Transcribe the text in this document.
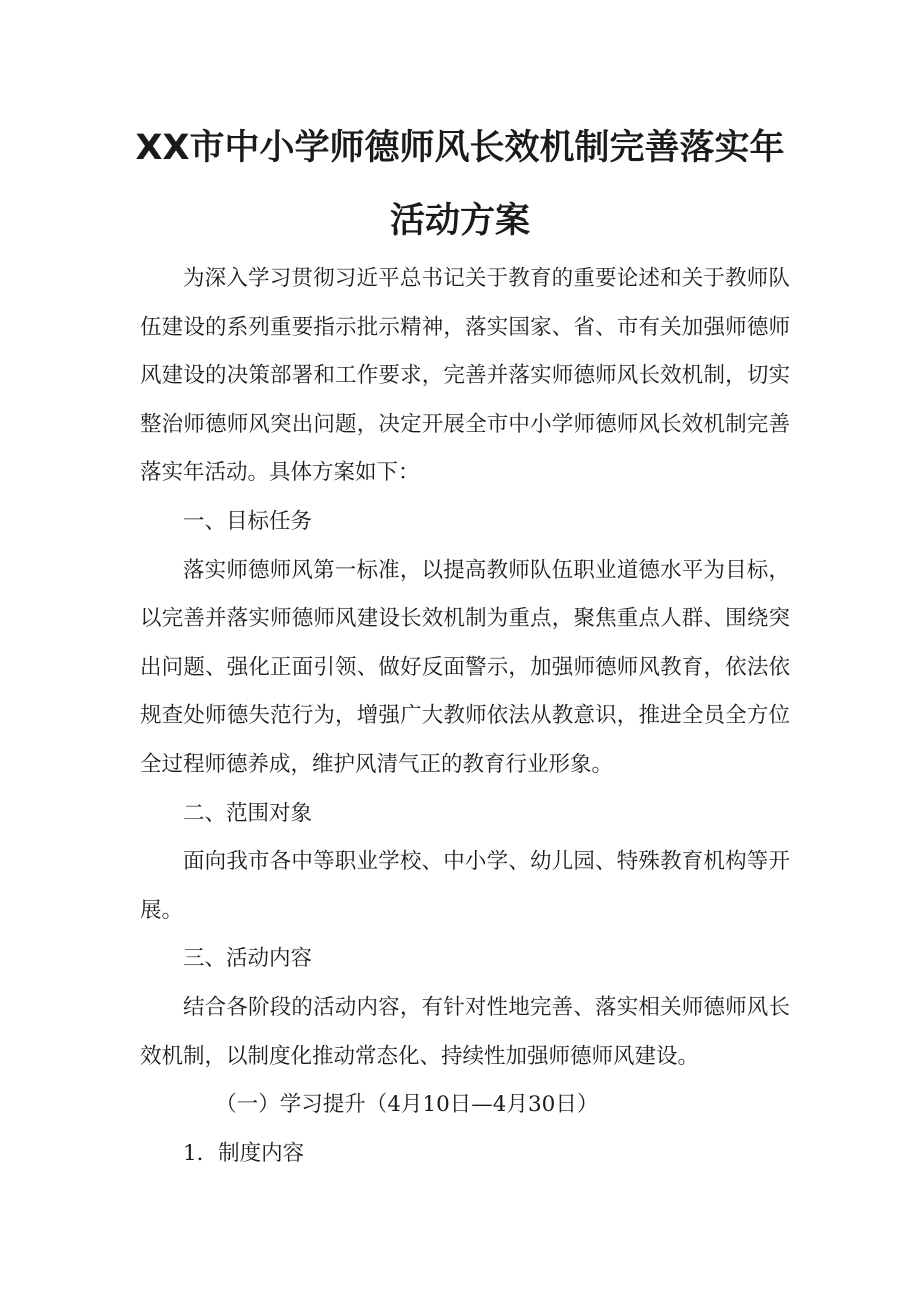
XX市中小学师德师风长效机制完善落实年
活动方案

为深入学习贯彻习近平总书记关于教育的重要论述和关于教师队伍建设的系列重要指示批示精神，落实国家、省、市有关加强师德师风建设的决策部署和工作要求，完善并落实师德师风长效机制，切实整治师德师风突出问题，决定开展全市中小学师德师风长效机制完善落实年活动。具体方案如下：

一、目标任务

落实师德师风第一标准，以提高教师队伍职业道德水平为目标，以完善并落实师德师风建设长效机制为重点，聚焦重点人群、围绕突出问题、强化正面引领、做好反面警示，加强师德师风教育，依法依规查处师德失范行为，增强广大教师依法从教意识，推进全员全方位全过程师德养成，维护风清气正的教育行业形象。

二、范围对象

面向我市各中等职业学校、中小学、幼儿园、特殊教育机构等开展。

三、活动内容

结合各阶段的活动内容，有针对性地完善、落实相关师德师风长效机制，以制度化推动常态化、持续性加强师德师风建设。

（一）学习提升（4月10日—4月30日）

1．制度内容
